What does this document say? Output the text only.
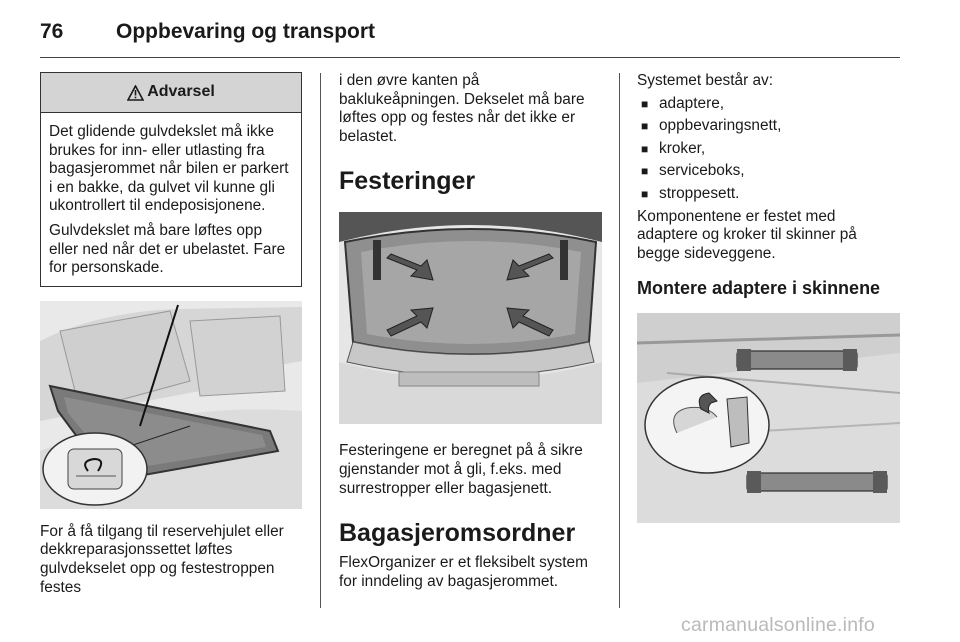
76	Oppbevaring og transport
Advarsel

Det glidende gulvdekslet må ikke brukes for inn- eller utlasting fra bagasjerommet når bilen er parkert i en bakke, da gulvet vil kunne gli ukontrollert til endeposisjonene.

Gulvdekslet må bare løftes opp eller ned når det er ubelastet. Fare for personskade.

For å få tilgang til reservehjulet eller dekkreparasjonssettet løftes gulvdekselet opp og festestroppen festes

i den øvre kanten på baklukeåpningen. Dekselet må bare løftes opp og festes når det ikke er belastet.

Festeringer

Festeringene er beregnet på å sikre gjenstander mot å gli, f.eks. med surrestropper eller bagasjenett.

Bagasjeromsordner

FlexOrganizer er et fleksibelt system for inndeling av bagasjerommet.

Systemet består av:

■ adaptere,
■ oppbevaringsnett,
■ kroker,
■ serviceboks,
■ stroppesett.

Komponentene er festet med adaptere og kroker til skinner på begge sideveggene.

Montere adaptere i skinnene
carmanualsonline.info
